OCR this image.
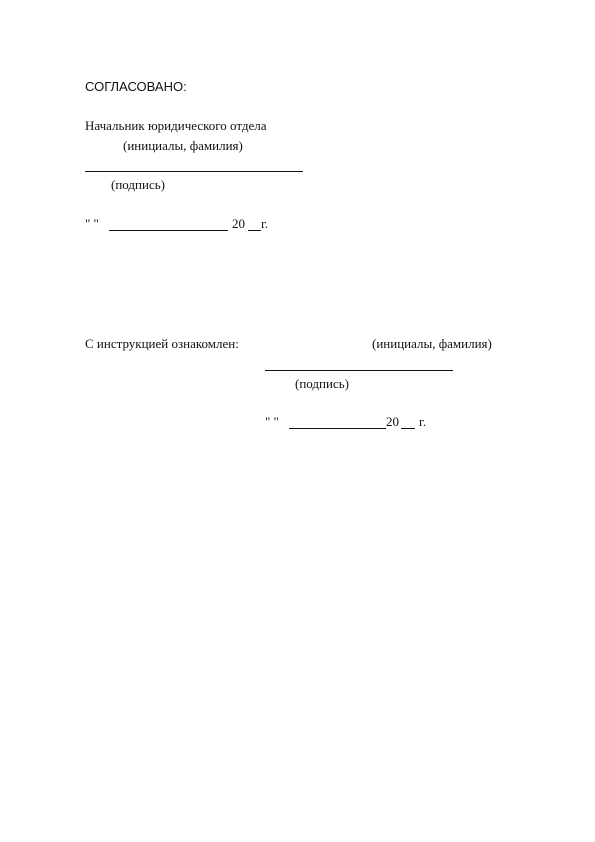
СОГЛАСОВАНО:
Начальник юридического отдела
(инициалы, фамилия)
(подпись)
" "	20 г.
С инструкцией ознакомлен:	(инициалы, фамилия)
(подпись)
" "	20 г.
